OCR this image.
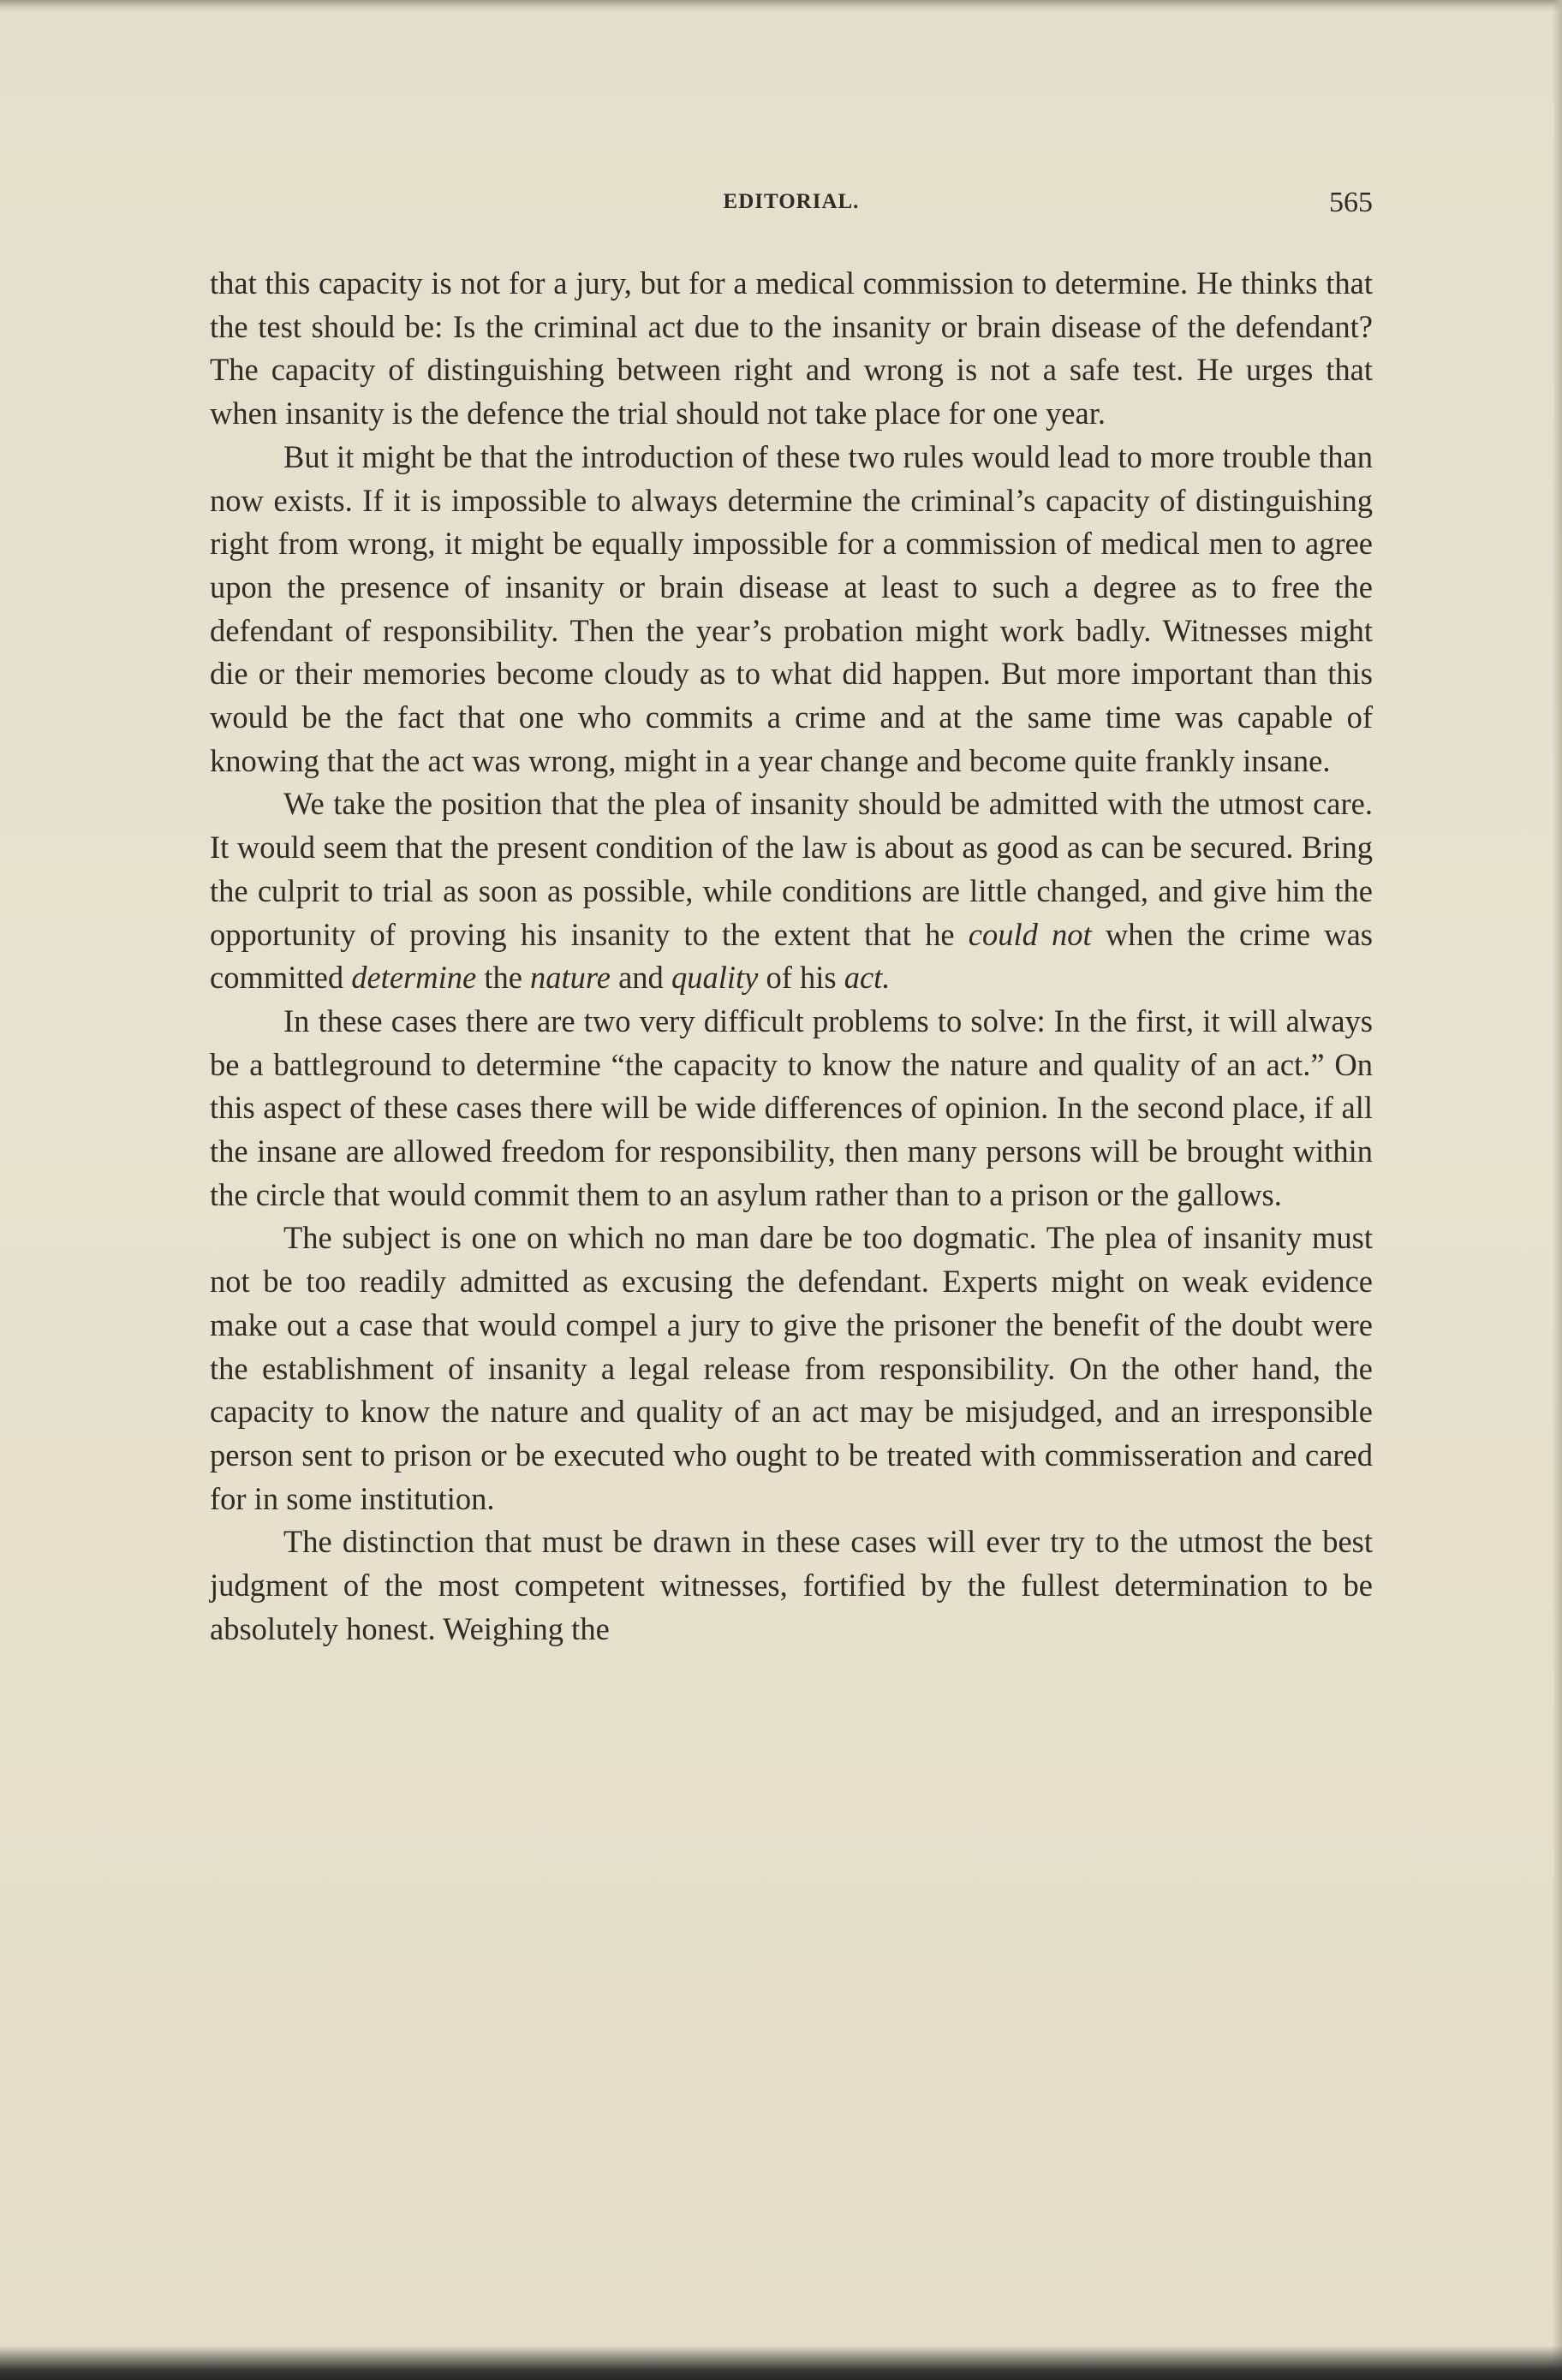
EDITORIAL.	565

that this capacity is not for a jury, but for a medical commission to determine. He thinks that the test should be: Is the criminal act due to the insanity or brain disease of the defendant? The capacity of distinguishing between right and wrong is not a safe test. He urges that when insanity is the defence the trial should not take place for one year.

But it might be that the introduction of these two rules would lead to more trouble than now exists. If it is impossible to always determine the criminal’s capacity of distinguishing right from wrong, it might be equally impossible for a commission of medical men to agree upon the presence of insanity or brain disease at least to such a degree as to free the defendant of responsibility. Then the year’s probation might work badly. Witnesses might die or their memories become cloudy as to what did happen. But more important than this would be the fact that one who commits a crime and at the same time was capable of knowing that the act was wrong, might in a year change and become quite frankly insane.

We take the position that the plea of insanity should be admitted with the utmost care. It would seem that the present condition of the law is about as good as can be secured. Bring the culprit to trial as soon as possible, while conditions are little changed, and give him the opportunity of proving his insanity to the extent that he could not when the crime was committed determine the nature and quality of his act.

In these cases there are two very difficult problems to solve: In the first, it will always be a battleground to determine “the capacity to know the nature and quality of an act.” On this aspect of these cases there will be wide differences of opinion. In the second place, if all the insane are allowed freedom for responsibility, then many persons will be brought within the circle that would commit them to an asylum rather than to a prison or the gallows.

The subject is one on which no man dare be too dogmatic. The plea of insanity must not be too readily admitted as excusing the defendant. Experts might on weak evidence make out a case that would compel a jury to give the prisoner the benefit of the doubt were the establishment of insanity a legal release from responsibility. On the other hand, the capacity to know the nature and quality of an act may be misjudged, and an irresponsible person sent to prison or be executed who ought to be treated with commisseration and cared for in some institution.

The distinction that must be drawn in these cases will ever try to the utmost the best judgment of the most competent witnesses, fortified by the fullest determination to be absolutely honest. Weighing the
